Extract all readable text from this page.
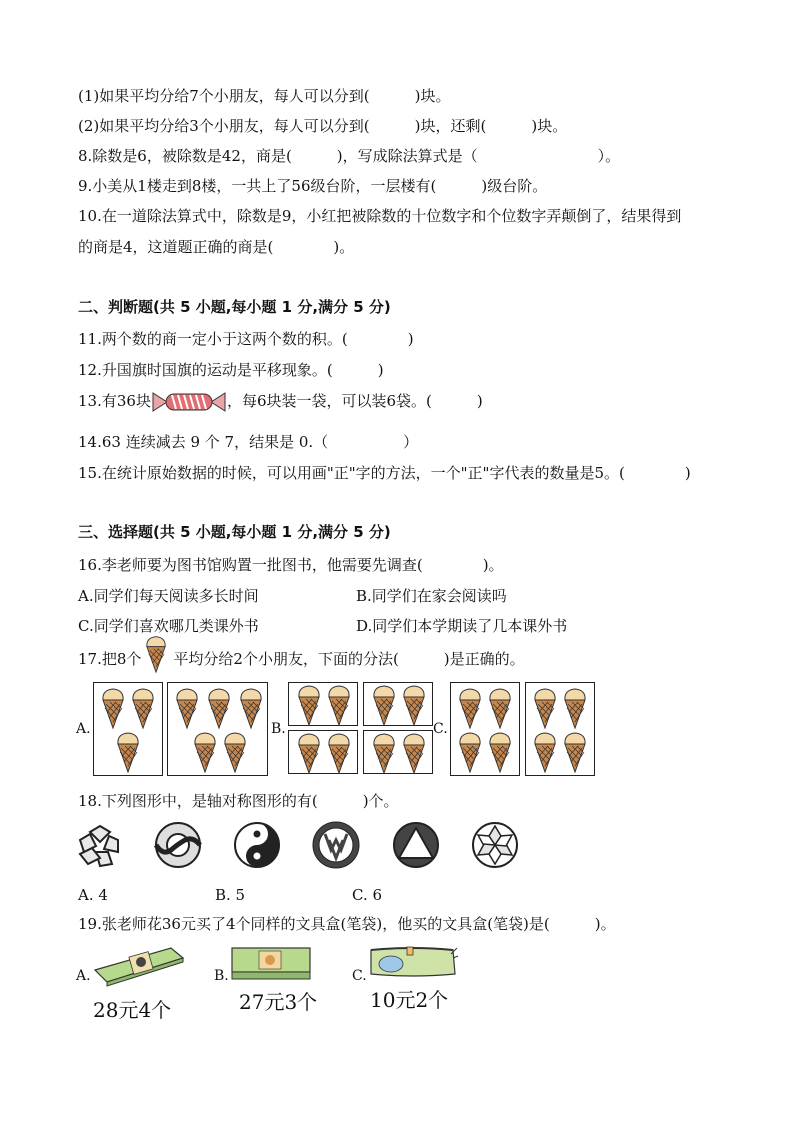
(1)如果平均分给7个小朋友，每人可以分到(　　　)块。
(2)如果平均分给3个小朋友，每人可以分到(　　　)块，还剩(　　　)块。
8.除数是6，被除数是42，商是(　　　)，写成除法算式是（　　　　　　　　）。
9.小美从1楼走到8楼，一共上了56级台阶，一层楼有(　　　)级台阶。
10.在一道除法算式中，除数是9，小红把被除数的十位数字和个位数字弄颠倒了，结果得到
的商是4，这道题正确的商是(　　　　)。
二、判断题(共 5 小题,每小题 1 分,满分 5 分)
11.两个数的商一定小于这两个数的积。(　　　　)
12.升国旗时国旗的运动是平移现象。(　　　)
13.有36块	，每6块装一袋，可以装6袋。(　　　)
14.63 连续减去 9 个 7，结果是 0.（　　　　　）
15.在统计原始数据的时候，可以用画"正"字的方法，一个"正"字代表的数量是5。(　　　　)
三、选择题(共 5 小题,每小题 1 分,满分 5 分)
16.李老师要为图书馆购置一批图书，他需要先调查(　　　　)。
A.同学们每天阅读多长时间	B.同学们在家会阅读吗
C.同学们喜欢哪几类课外书	D.同学们本学期读了几本课外书
17.把8个 平均分给2个小朋友，下面的分法(　　　)是正确的。
A.	B.	C.
18.下列图形中，是轴对称图形的有(　　　)个。
A. 4	B. 5	C. 6
19.张老师花36元买了4个同样的文具盒(笔袋)，他买的文具盒(笔袋)是(　　　)。
A.
28元4个
B.
27元3个
C.
10元2个
